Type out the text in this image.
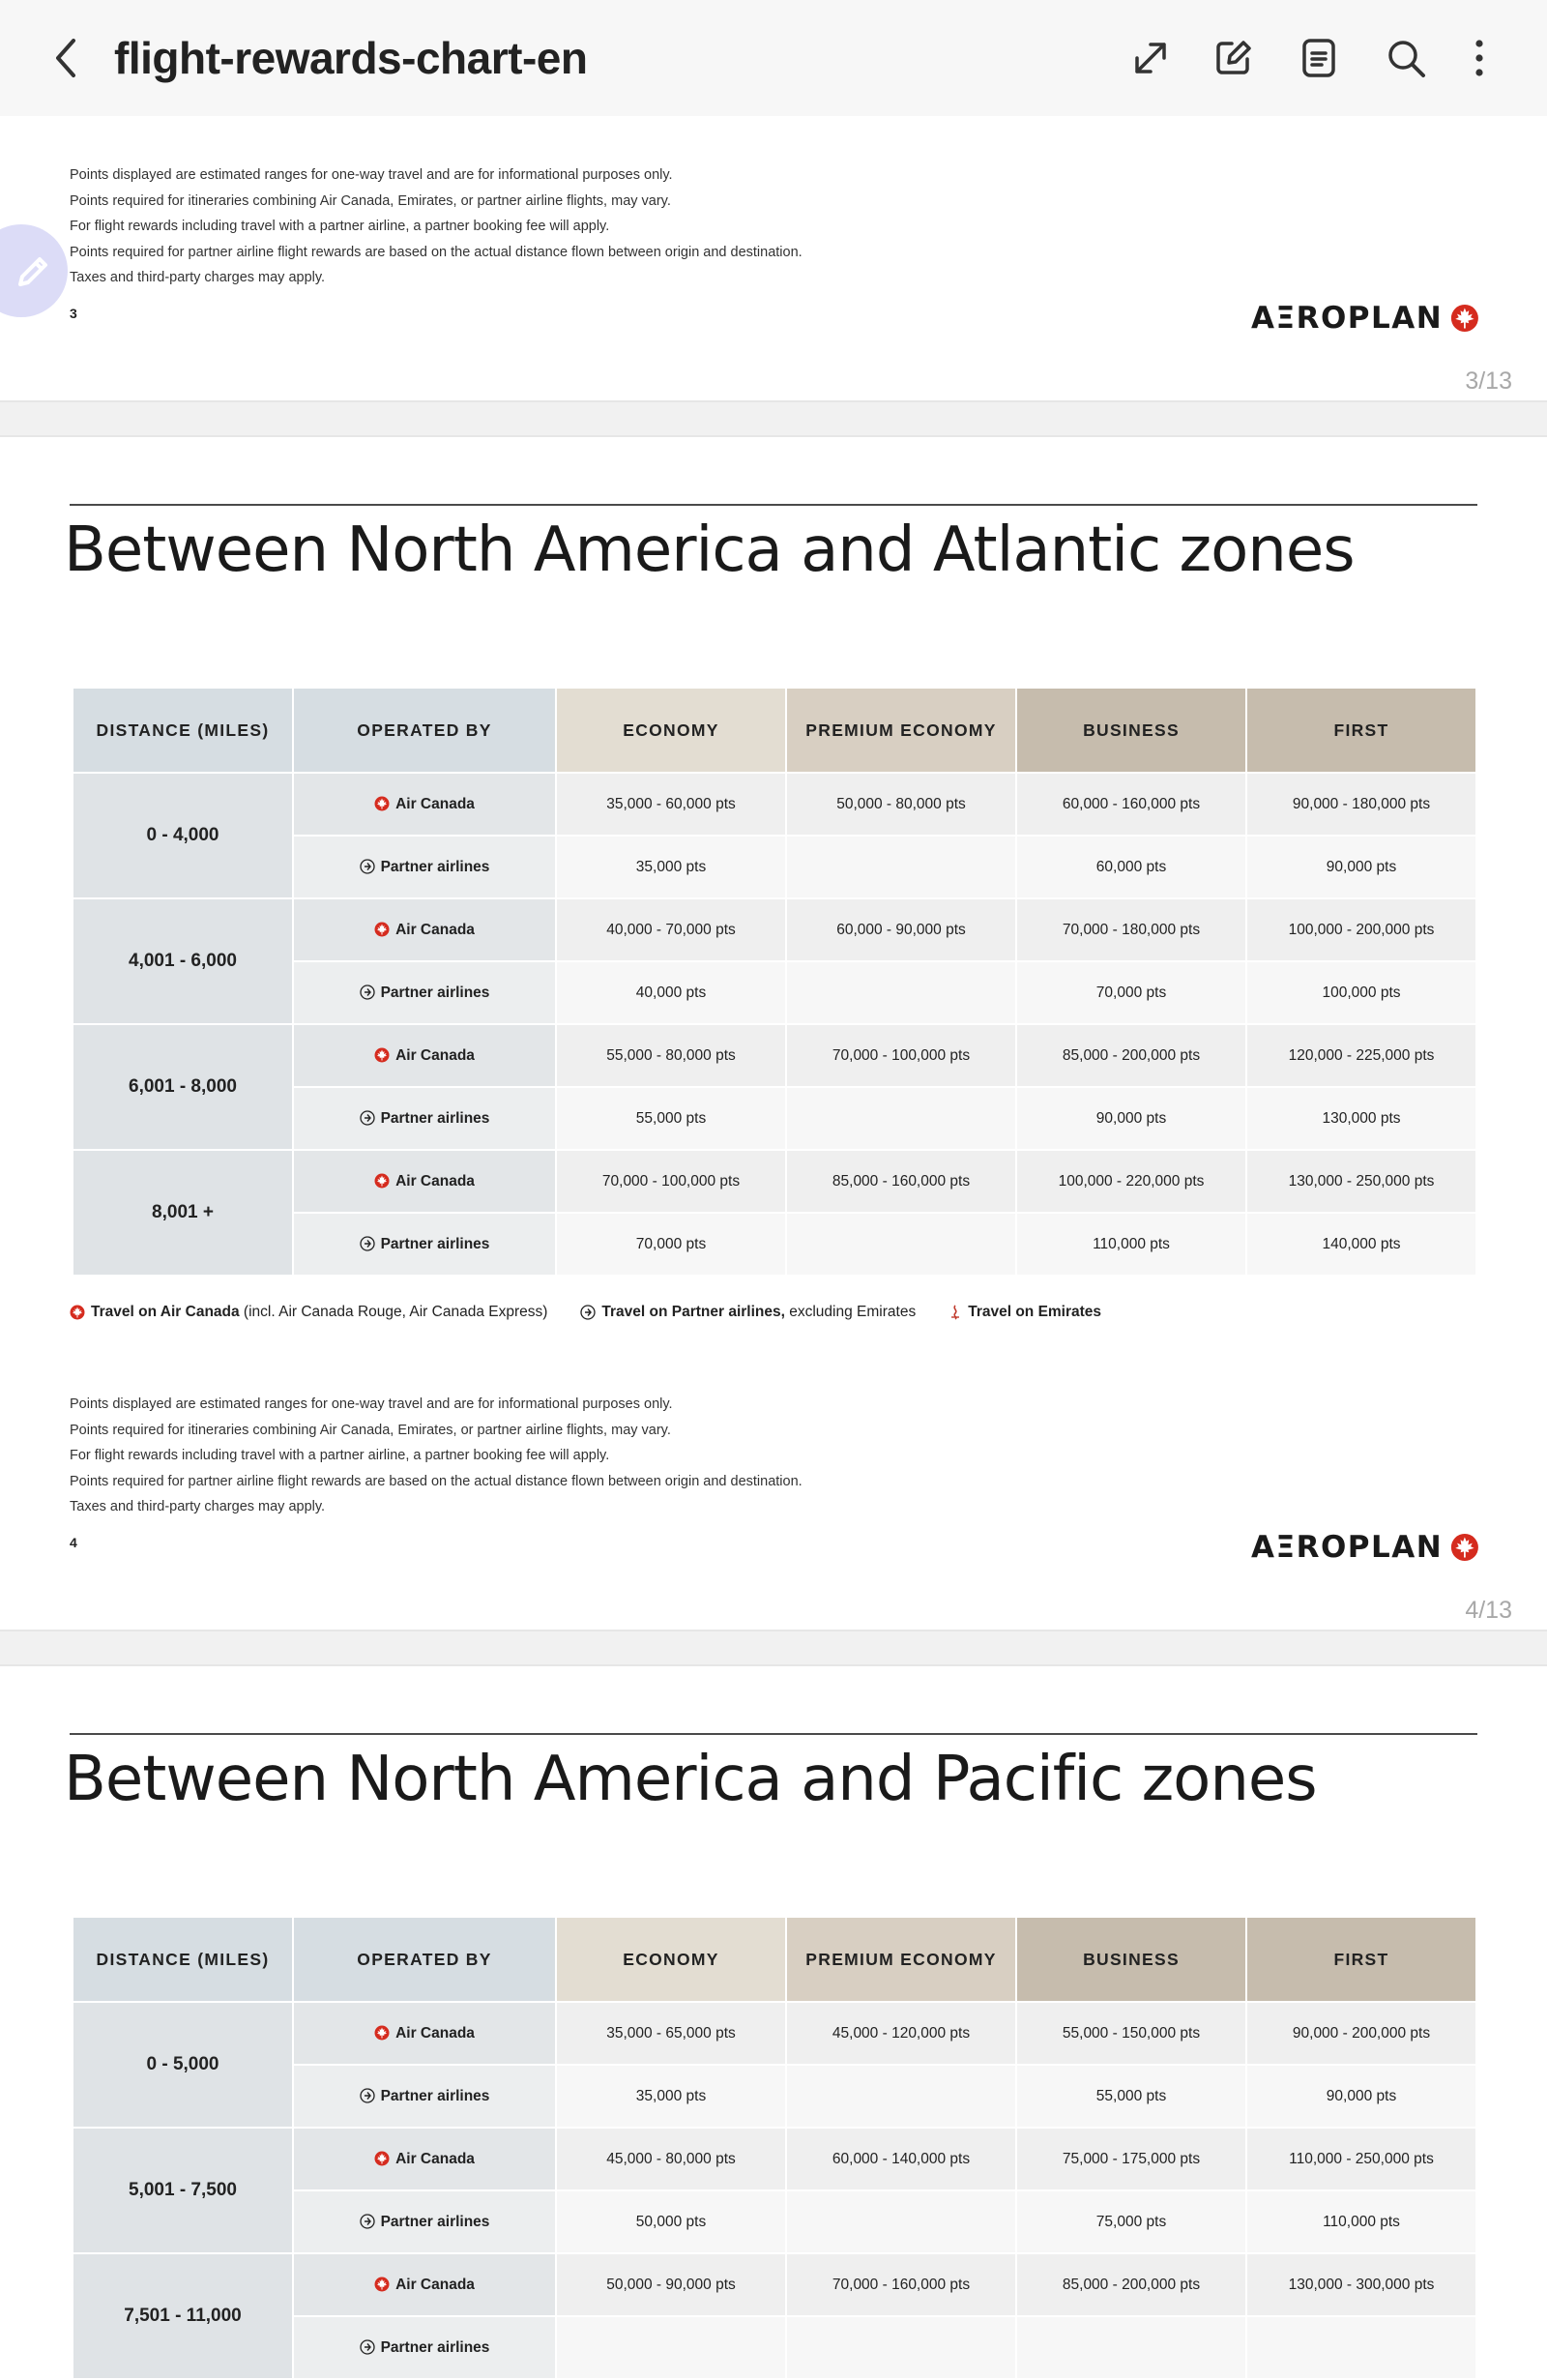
flight-rewards-chart-en
Points displayed are estimated ranges for one-way travel and are for informational purposes only.
Points required for itineraries combining Air Canada, Emirates, or partner airline flights, may vary.
For flight rewards including travel with a partner airline, a partner booking fee will apply.
Points required for partner airline flight rewards are based on the actual distance flown between origin and destination.
Taxes and third-party charges may apply.
3	AΞROPLAN
3/13
Between North America and Atlantic zones
DISTANCE (MILES)	OPERATED BY	ECONOMY	PREMIUM ECONOMY	BUSINESS	FIRST
0 - 4,000	Air Canada	35,000 - 60,000 pts	50,000 - 80,000 pts	60,000 - 160,000 pts	90,000 - 180,000 pts
	Partner airlines	35,000 pts		60,000 pts	90,000 pts
4,001 - 6,000	Air Canada	40,000 - 70,000 pts	60,000 - 90,000 pts	70,000 - 180,000 pts	100,000 - 200,000 pts
	Partner airlines	40,000 pts		70,000 pts	100,000 pts
6,001 - 8,000	Air Canada	55,000 - 80,000 pts	70,000 - 100,000 pts	85,000 - 200,000 pts	120,000 - 225,000 pts
	Partner airlines	55,000 pts		90,000 pts	130,000 pts
8,001 +	Air Canada	70,000 - 100,000 pts	85,000 - 160,000 pts	100,000 - 220,000 pts	130,000 - 250,000 pts
	Partner airlines	70,000 pts		110,000 pts	140,000 pts
Travel on Air Canada (incl. Air Canada Rouge, Air Canada Express)	Travel on Partner airlines, excluding Emirates	Travel on Emirates
Points displayed are estimated ranges for one-way travel and are for informational purposes only.
Points required for itineraries combining Air Canada, Emirates, or partner airline flights, may vary.
For flight rewards including travel with a partner airline, a partner booking fee will apply.
Points required for partner airline flight rewards are based on the actual distance flown between origin and destination.
Taxes and third-party charges may apply.
4	AΞROPLAN
4/13
Between North America and Pacific zones
DISTANCE (MILES)	OPERATED BY	ECONOMY	PREMIUM ECONOMY	BUSINESS	FIRST
0 - 5,000	Air Canada	35,000 - 65,000 pts	45,000 - 120,000 pts	55,000 - 150,000 pts	90,000 - 200,000 pts
	Partner airlines	35,000 pts		55,000 pts	90,000 pts
5,001 - 7,500	Air Canada	45,000 - 80,000 pts	60,000 - 140,000 pts	75,000 - 175,000 pts	110,000 - 250,000 pts
	Partner airlines	50,000 pts		75,000 pts	110,000 pts
7,501 - 11,000	Air Canada	50,000 - 90,000 pts	70,000 - 160,000 pts	85,000 - 200,000 pts	130,000 - 300,000 pts
	Partner airlines				
